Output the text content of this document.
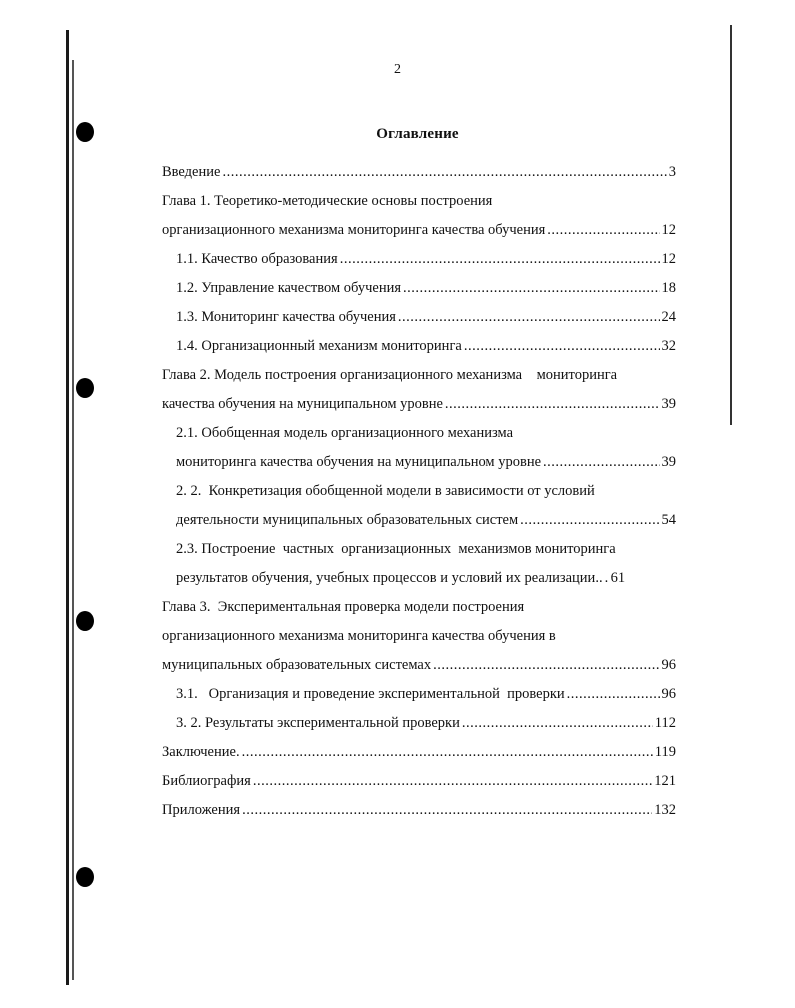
2
Оглавление
Введение .....	3
Глава 1. Теоретико-методические основы построения
организационного механизма мониторинга качества обучения .....	12
1.1. Качество образования .....	12
1.2. Управление качеством обучения .....	18
1.3. Мониторинг качества обучения .....	24
1.4. Организационный механизм мониторинга .....	32
Глава 2. Модель построения организационного механизма    мониторинга
качества обучения на муниципальном уровне .....	39
2.1. Обобщенная модель организационного механизма
мониторинга качества обучения на муниципальном уровне .....	39
2. 2.  Конкретизация обобщенной модели в зависимости от условий
деятельности муниципальных образовательных систем .....	54
2.3. Построение  частных  организационных  механизмов мониторинга
результатов обучения, учебных процессов и условий их реализации.. ..... 61
Глава 3.  Экспериментальная проверка модели построения
организационного механизма мониторинга качества обучения в
муниципальных образовательных системах .....	96
3.1.   Организация и проведение экспериментальной  проверки .....	96
3. 2. Результаты экспериментальной проверки .....	112
Заключение. .....	119
Библиография .....	121
Приложения .....	132
